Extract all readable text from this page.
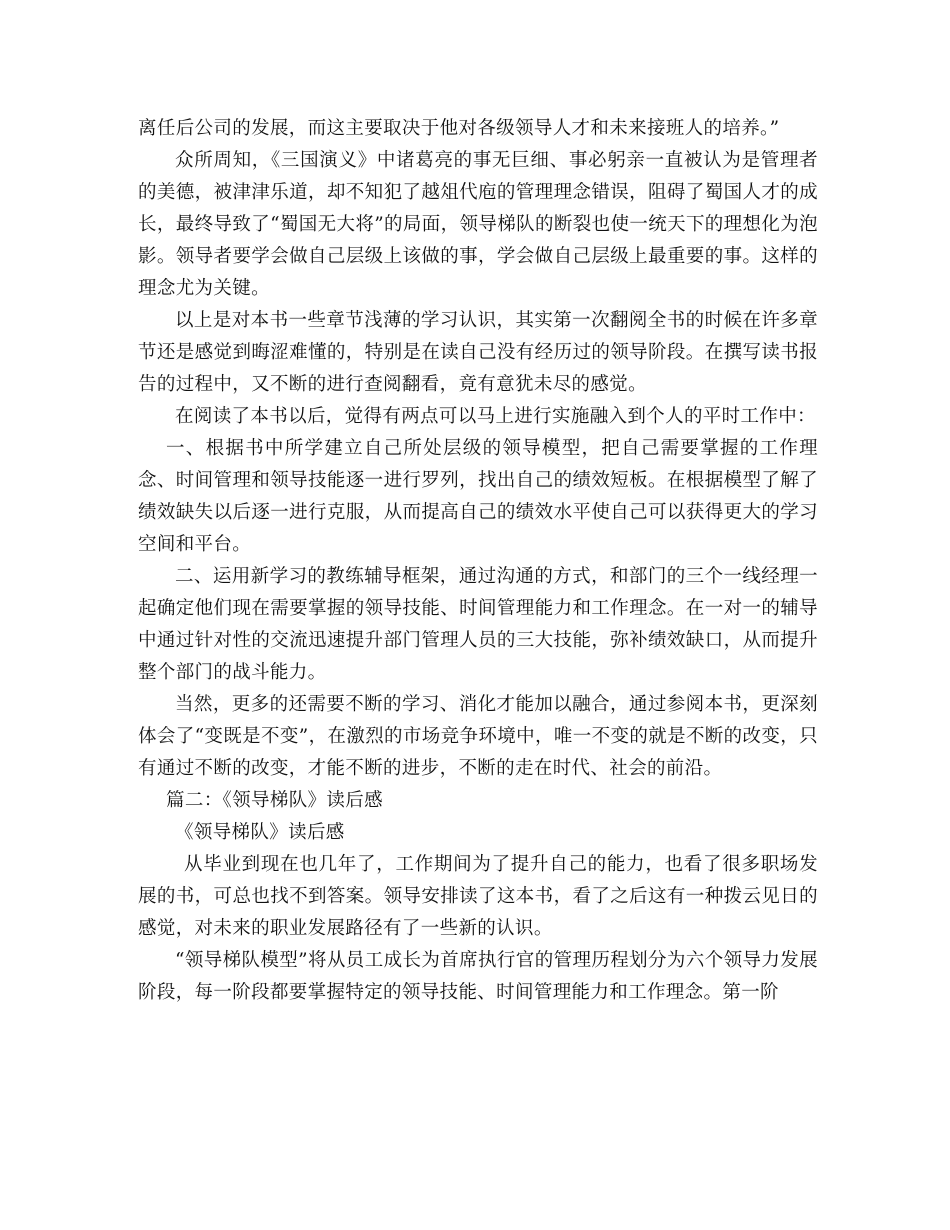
离任后公司的发展，而这主要取决于他对各级领导人才和未来接班人的培养。”

众所周知，《三国演义》中诸葛亮的事无巨细、事必躬亲一直被认为是管理者的美德，被津津乐道，却不知犯了越俎代庖的管理理念错误，阻碍了蜀国人才的成长，最终导致了“蜀国无大将”的局面，领导梯队的断裂也使一统天下的理想化为泡影。领导者要学会做自己层级上该做的事，学会做自己层级上最重要的事。这样的理念尤为关键。

以上是对本书一些章节浅薄的学习认识，其实第一次翻阅全书的时候在许多章节还是感觉到晦涩难懂的，特别是在读自己没有经历过的领导阶段。在撰写读书报告的过程中，又不断的进行查阅翻看，竟有意犹未尽的感觉。

在阅读了本书以后，觉得有两点可以马上进行实施融入到个人的平时工作中：

一、根据书中所学建立自己所处层级的领导模型，把自己需要掌握的工作理念、时间管理和领导技能逐一进行罗列，找出自己的绩效短板。在根据模型了解了绩效缺失以后逐一进行克服，从而提高自己的绩效水平使自己可以获得更大的学习空间和平台。

二、运用新学习的教练辅导框架，通过沟通的方式，和部门的三个一线经理一起确定他们现在需要掌握的领导技能、时间管理能力和工作理念。在一对一的辅导中通过针对性的交流迅速提升部门管理人员的三大技能，弥补绩效缺口，从而提升整个部门的战斗能力。

当然，更多的还需要不断的学习、消化才能加以融合，通过参阅本书，更深刻体会了“变既是不变”，在激烈的市场竞争环境中，唯一不变的就是不断的改变，只有通过不断的改变，才能不断的进步，不断的走在时代、社会的前沿。

篇二：《领导梯队》读后感

《领导梯队》读后感

从毕业到现在也几年了，工作期间为了提升自己的能力，也看了很多职场发展的书，可总也找不到答案。领导安排读了这本书，看了之后这有一种拨云见日的感觉，对未来的职业发展路径有了一些新的认识。

“领导梯队模型”将从员工成长为首席执行官的管理历程划分为六个领导力发展阶段，每一阶段都要掌握特定的领导技能、时间管理能力和工作理念。第一阶
